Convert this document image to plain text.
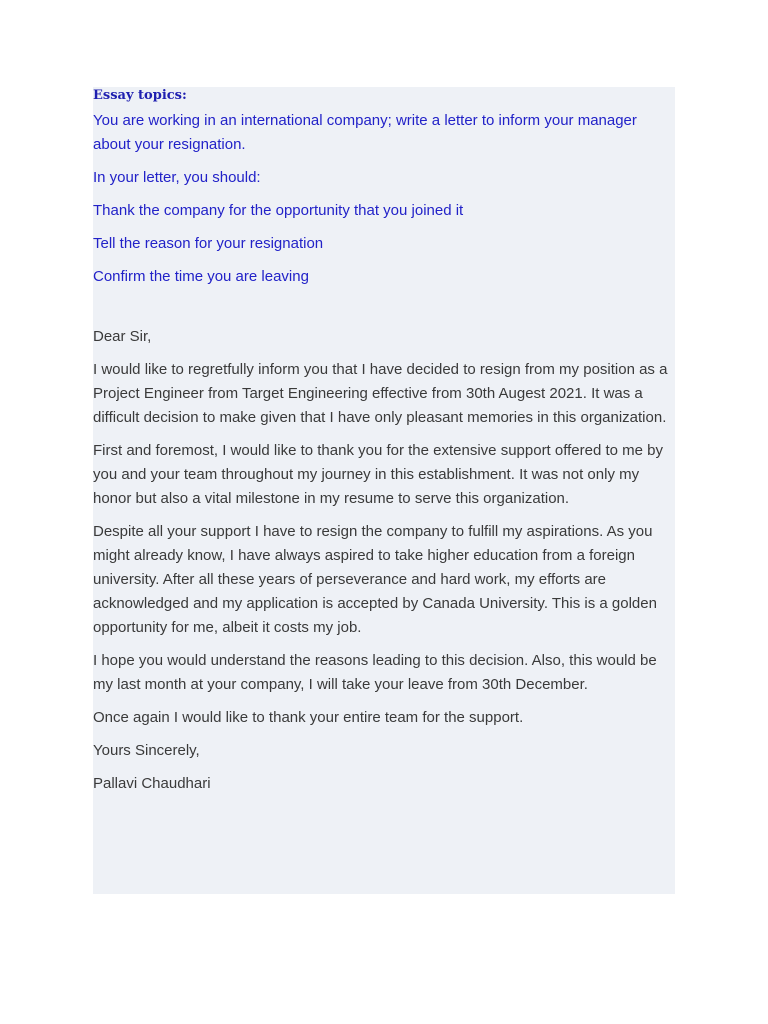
Essay topics:

You are working in an international company; write a letter to inform your manager about your resignation.

In your letter, you should:

Thank the company for the opportunity that you joined it

Tell the reason for your resignation

Confirm the time you are leaving

Dear Sir,

I would like to regretfully inform you that I have decided to resign from my position as a Project Engineer from Target Engineering effective from 30th Augest 2021. It was a difficult decision to make given that I have only pleasant memories in this organization.

First and foremost, I would like to thank you for the extensive support offered to me by you and your team throughout my journey in this establishment. It was not only my honor but also a vital milestone in my resume to serve this organization.

Despite all your support I have to resign the company to fulfill my aspirations. As you might already know, I have always aspired to take higher education from a foreign university. After all these years of perseverance and hard work, my efforts are acknowledged and my application is accepted by Canada University. This is a golden opportunity for me, albeit it costs my job.

I hope you would understand the reasons leading to this decision. Also, this would be my last month at your company, I will take your leave from 30th December.

Once again I would like to thank your entire team for the support.

Yours Sincerely,

Pallavi Chaudhari
